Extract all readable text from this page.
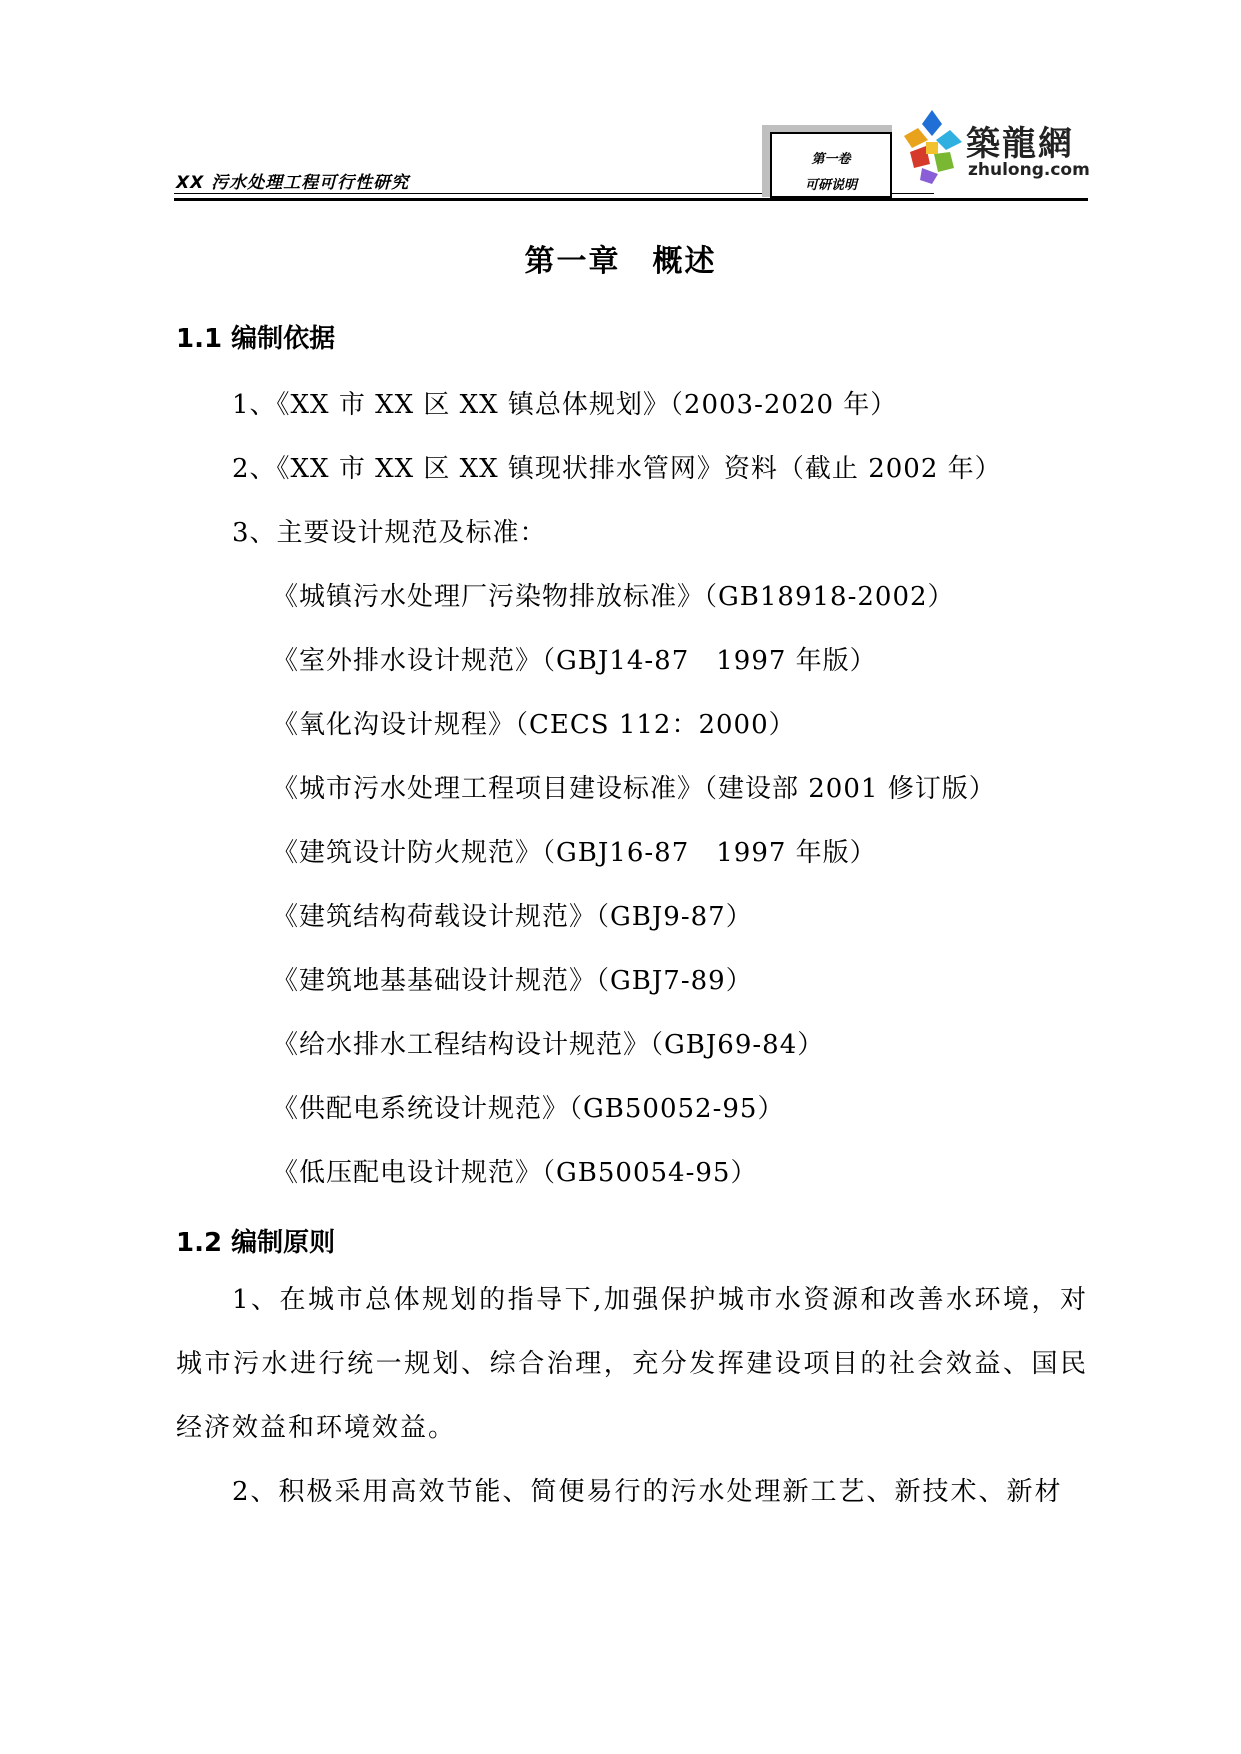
XX 污水处理工程可行性研究
第一卷
可研说明
築龍網
zhulong.com
第一章　概述
1.1 编制依据
1、《XX 市 XX 区 XX 镇总体规划》（2003-2020 年）
2、《XX 市 XX 区 XX 镇现状排水管网》资料（截止 2002 年）
3、主要设计规范及标准：
《城镇污水处理厂污染物排放标准》（GB18918-2002）
《室外排水设计规范》（GBJ14-87　1997 年版）
《氧化沟设计规程》（CECS 112：2000）
《城市污水处理工程项目建设标准》（建设部 2001 修订版）
《建筑设计防火规范》（GBJ16-87　1997 年版）
《建筑结构荷载设计规范》（GBJ9-87）
《建筑地基基础设计规范》（GBJ7-89）
《给水排水工程结构设计规范》（GBJ69-84）
《供配电系统设计规范》（GB50052-95）
《低压配电设计规范》（GB50054-95）
1.2 编制原则
1、在城市总体规划的指导下,加强保护城市水资源和改善水环境，对城市污水进行统一规划、综合治理，充分发挥建设项目的社会效益、国民经济效益和环境效益。
2、积极采用高效节能、简便易行的污水处理新工艺、新技术、新材
